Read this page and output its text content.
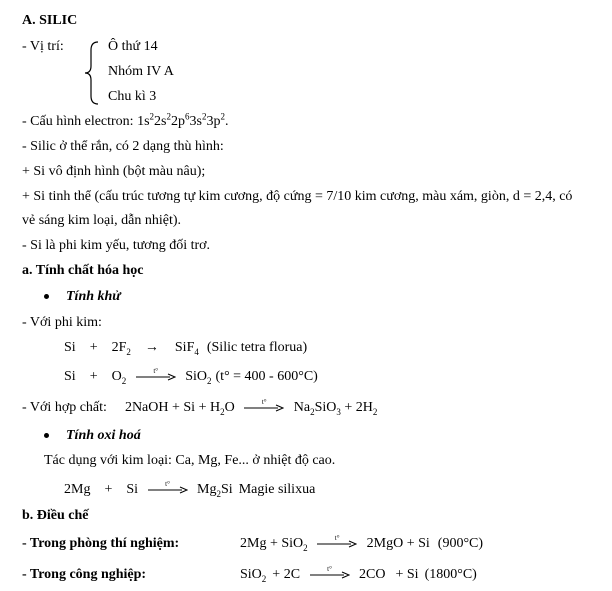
A. SILIC
- Vị trí:	Ô thứ 14
Nhóm IV A
Chu kì 3
- Cấu hình electron: $1s^22s^22p^63s^23p^2$.
- Silic ở thể rắn, có 2 dạng thù hình:
+ Si vô định hình (bột màu nâu);
+ Si tinh thể (cấu trúc tương tự kim cương, độ cứng = 7/10 kim cương, màu xám, giòn, d = 2,4, có
vẻ sáng kim loại, dẫn nhiệt).
- Si là phi kim yếu, tương đối trơ.
a. Tính chất hóa học
Tính khử
- Với phi kim:
$Si + 2F_2 \to SiF_4$ (Silic tetra florua)
$Si + O_2$
t°	SiO$_2$ (t° = 400 - 600°C)
- Với hợp chất: 2NaOH + $Si + H_2O$	t°	$Na_2SiO_3 + 2H_2$
Tính oxi hoá
Tác dụng với kim loại: Ca, Mg, Fe... ở nhiệt độ cao.
2Mg + Si	t°	$Mg_2Si$ Magie silixua
b. Điều chế
- Trong phòng thí nghiệm:	2Mg + SiO$_2$
t°	2MgO + Si (900°C)
- Trong công nghiệp:	SiO$_2$ + 2C	t°	2CO + Si (1800°C)
